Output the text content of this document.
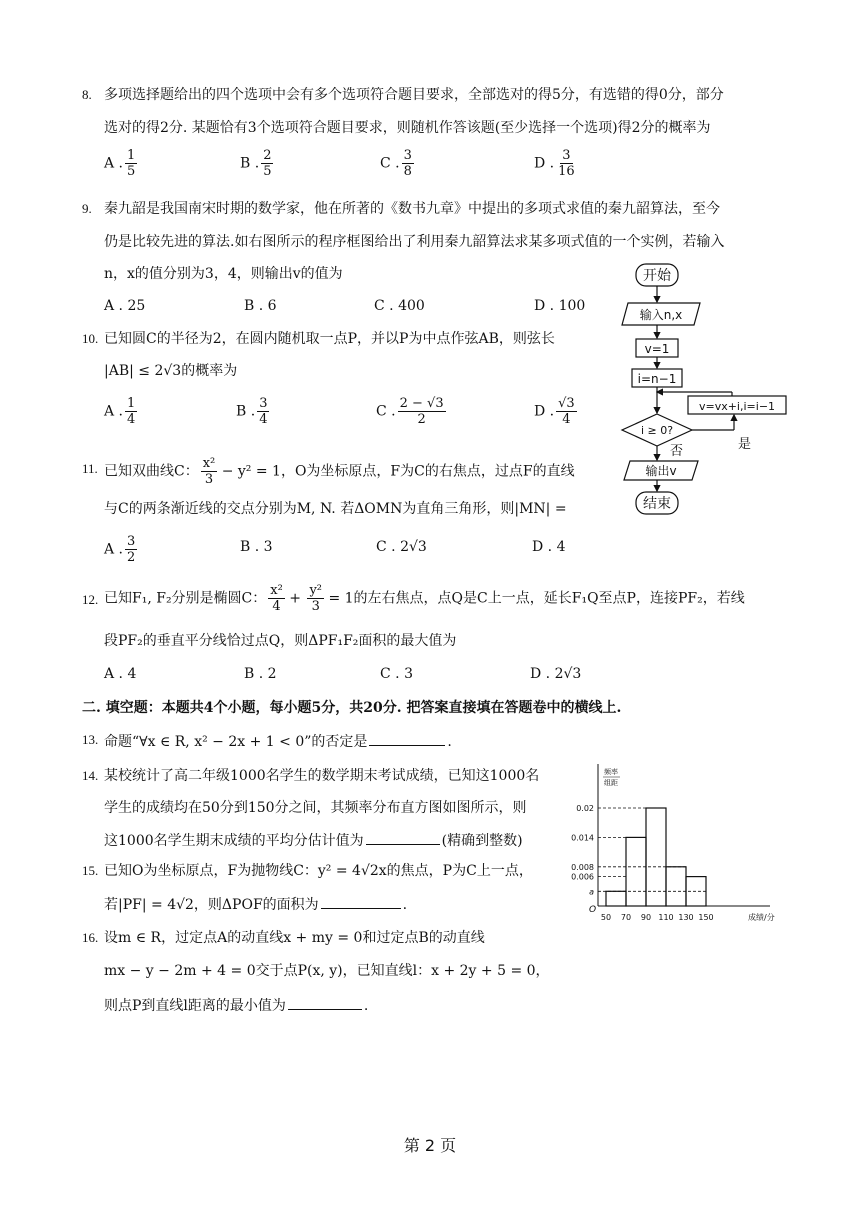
8. 多项选择题给出的四个选项中会有多个选项符合题目要求，全部选对的得5分，有选错的得0分，部分
选对的得2分. 某题恰有3个选项符合题目要求，则随机作答该题(至少选择一个选项)得2分的概率为
A . $\frac{1}{5}$	B . $\frac{2}{5}$	C . $\frac{3}{8}$	D . $\frac{3}{16}$
9. 秦九韶是我国南宋时期的数学家，他在所著的《数书九章》中提出的多项式求值的秦九韶算法，至今
仍是比较先进的算法.如右图所示的程序框图给出了利用秦九韶算法求某多项式值的一个实例，若输入
n，x的值分别为3，4，则输出v的值为
A . 25	B . 6	C . 400	D . 100
开始
输入n,x
v=1
i=n−1
v=vx+i,i=i−1
i ≥ 0?
否	是
输出v
结束
10. 已知圆C的半径为2，在圆内随机取一点P，并以P为中点作弦AB，则弦长
|AB| ≤ 2√3的概率为
A . $\frac{1}{4}$	B . $\frac{3}{4}$	C . $\frac{2 - √3}{2}$	D . $\frac{√3}{4}$
11. 已知双曲线C： $\frac{\text{x²}}{3} - y^2 = 1$，O为坐标原点，F为C的右焦点，过点F的直线
与C的两条渐近线的交点分别为M, N. 若ΔOMN为直角三角形，则|MN| =
A . $\frac{3}{2}$	B . 3	C . 2√3	D . 4
12. 已知F₁, F₂分别是椭圆C： $\frac{\text{x²}}{4} + \frac{\text{y²}}{3} = 1$的左右焦点，点Q是C上一点，延长F₁Q至点P，连接PF₂，若线
段PF₂的垂直平分线恰过点Q，则ΔPF₁F₂面积的最大值为
A . 4	B . 2	C . 3	D . 2√3
二. 填空题：本题共4个小题，每小题5分，共20分. 把答案直接填在答题卷中的横线上.
13. 命题“∀x ∈ R, x² − 2x + 1 < 0”的否定是	.
14. 某校统计了高二年级1000名学生的数学期末考试成绩，已知这1000名
学生的成绩均在50分到150分之间，其频率分布直方图如图所示，则
这1000名学生期末成绩的平均分估计值为	(精确到整数)
频率
组距
0.02
0.014
0.008
0.006
a
O
50 70 90 110 130 150	成绩/分
15. 已知O为坐标原点，F为抛物线C：y² = 4√2x的焦点，P为C上一点，
若|PF| = 4√2，则ΔPOF的面积为	.
16. 设m ∈ R，过定点A的动直线x + my = 0和过定点B的动直线
mx − y − 2m + 4 = 0交于点P(x, y)，已知直线l：x + 2y + 5 = 0，
则点P到直线l距离的最小值为	.
第 2 页
